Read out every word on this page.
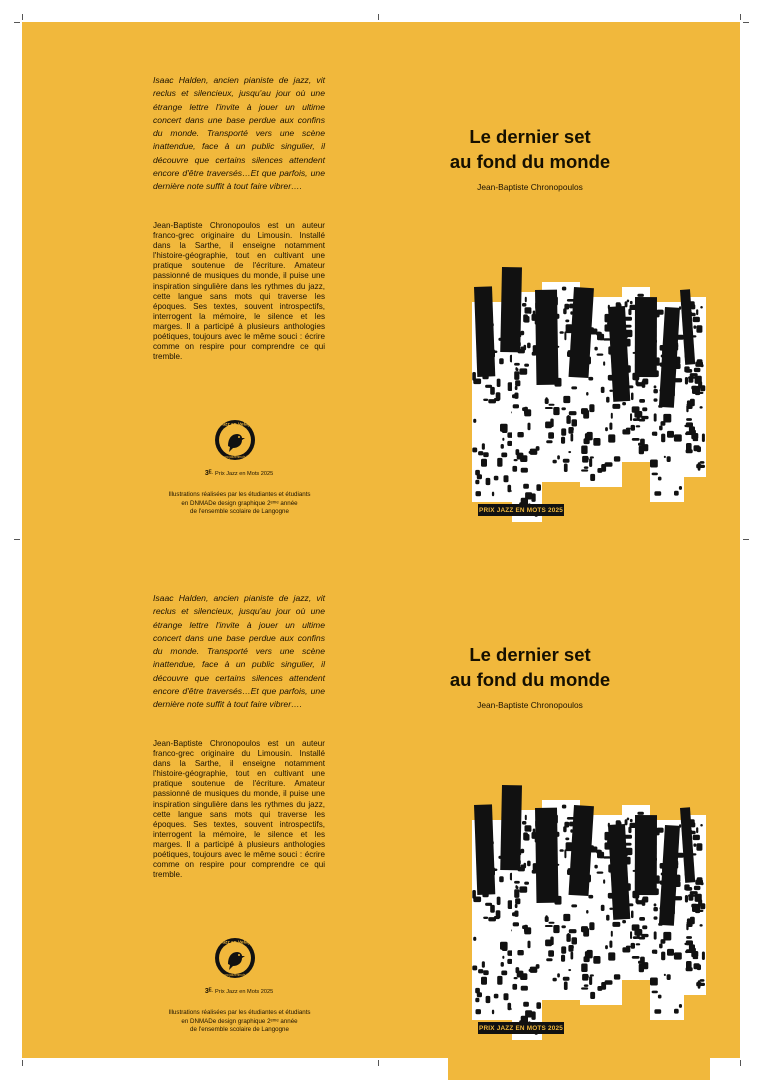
Isaac Halden, ancien pianiste de jazz, vit reclus et silencieux, jusqu'au jour où une étrange lettre l'invite à jouer un ultime concert dans une base perdue aux confins du monde. Transporté vers une scène inattendue, face à un public singulier, il découvre que certains silences attendent encore d'être traversés…Et que parfois, une dernière note suffit à tout faire vibrer….

Jean-Baptiste Chronopoulos est un auteur franco-grec originaire du Limousin. Installé dans la Sarthe, il enseigne notamment l'histoire-géographie, tout en cultivant une pratique soutenue de l'écriture. Amateur passionné de musiques du monde, il puise une inspiration singulière dans les rythmes du jazz, cette langue sans mots qui traverse les époques. Ses textes, souvent introspectifs, interrogent la mémoire, le silence et les marges. Il a participé à plusieurs anthologies poétiques, toujours avec le même souci : écrire comme on respire pour comprendre ce qui tremble.

Jazz en Velay
www.jazzenmots.fr
3ᴱ· Prix Jazz en Mots 2025
Illustrations réalisées par les étudiantes et étudiants
en DNMADe design graphique 2ᵉᵐᵉ année
de l'ensemble scolaire de Langogne
Le dernier set
au fond du monde
Jean-Baptiste Chronopoulos
PRIX JAZZ EN MOTS 2025

Isaac Halden, ancien pianiste de jazz, vit reclus et silencieux, jusqu'au jour où une étrange lettre l'invite à jouer un ultime concert dans une base perdue aux confins du monde. Transporté vers une scène inattendue, face à un public singulier, il découvre que certains silences attendent encore d'être traversés…Et que parfois, une dernière note suffit à tout faire vibrer….

Jean-Baptiste Chronopoulos est un auteur franco-grec originaire du Limousin. Installé dans la Sarthe, il enseigne notamment l'histoire-géographie, tout en cultivant une pratique soutenue de l'écriture. Amateur passionné de musiques du monde, il puise une inspiration singulière dans les rythmes du jazz, cette langue sans mots qui traverse les époques. Ses textes, souvent introspectifs, interrogent la mémoire, le silence et les marges. Il a participé à plusieurs anthologies poétiques, toujours avec le même souci : écrire comme on respire pour comprendre ce qui tremble.

Jazz en Velay
www.jazzenmots.fr
3ᴱ· Prix Jazz en Mots 2025
Illustrations réalisées par les étudiantes et étudiants
en DNMADe design graphique 2ᵉᵐᵉ année
de l'ensemble scolaire de Langogne
Le dernier set
au fond du monde
Jean-Baptiste Chronopoulos
PRIX JAZZ EN MOTS 2025
